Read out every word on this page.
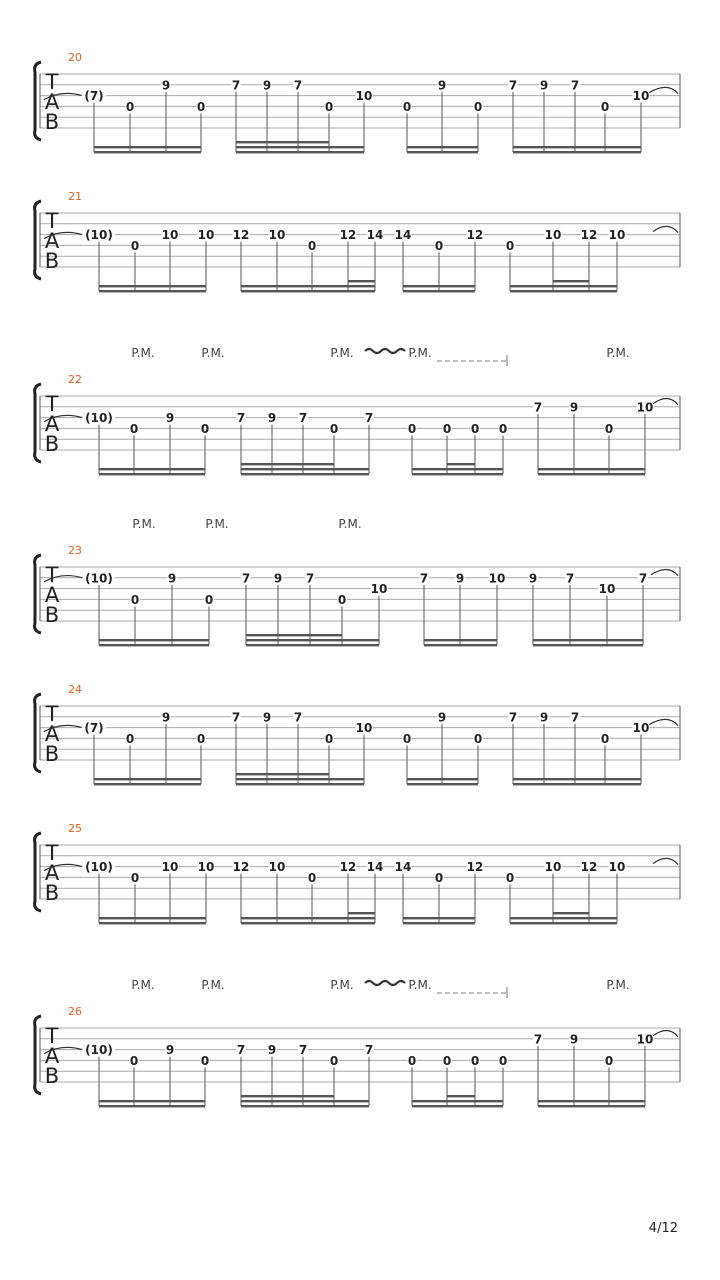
T
A
B
20
(7)
0
9
0
7 9 7
0
10
0
9
0
7 9 7
0
10
T
A
B
21
(10)
0
10 10 12 10
0
12 14 14
0
12
0
10 12 10
T
A
B
22
P.M.	P.M.	P.M.	P.M.	P.M.
(10)
0
9
0
7 9 7
0
7
0 0 0 0
7 9
0
10
T
A
B
23
P.M.	P.M.	P.M.
(10)
0
9
0
7 9 7
0
10
7 9 10 9 7
10
7
T
A
B
24
(7)
0
9
0
7 9 7
0
10
0
9
0
7 9 7
0
10
T
A
B
25
(10)
0
10 10 12 10
0
12 14 14
0
12
0
10 12 10
T
A
B
26
P.M.	P.M.	P.M.	P.M.	P.M.
(10)
0
9
0
7 9 7
0
7
0 0 0 0
7 9
0
10
4/12
